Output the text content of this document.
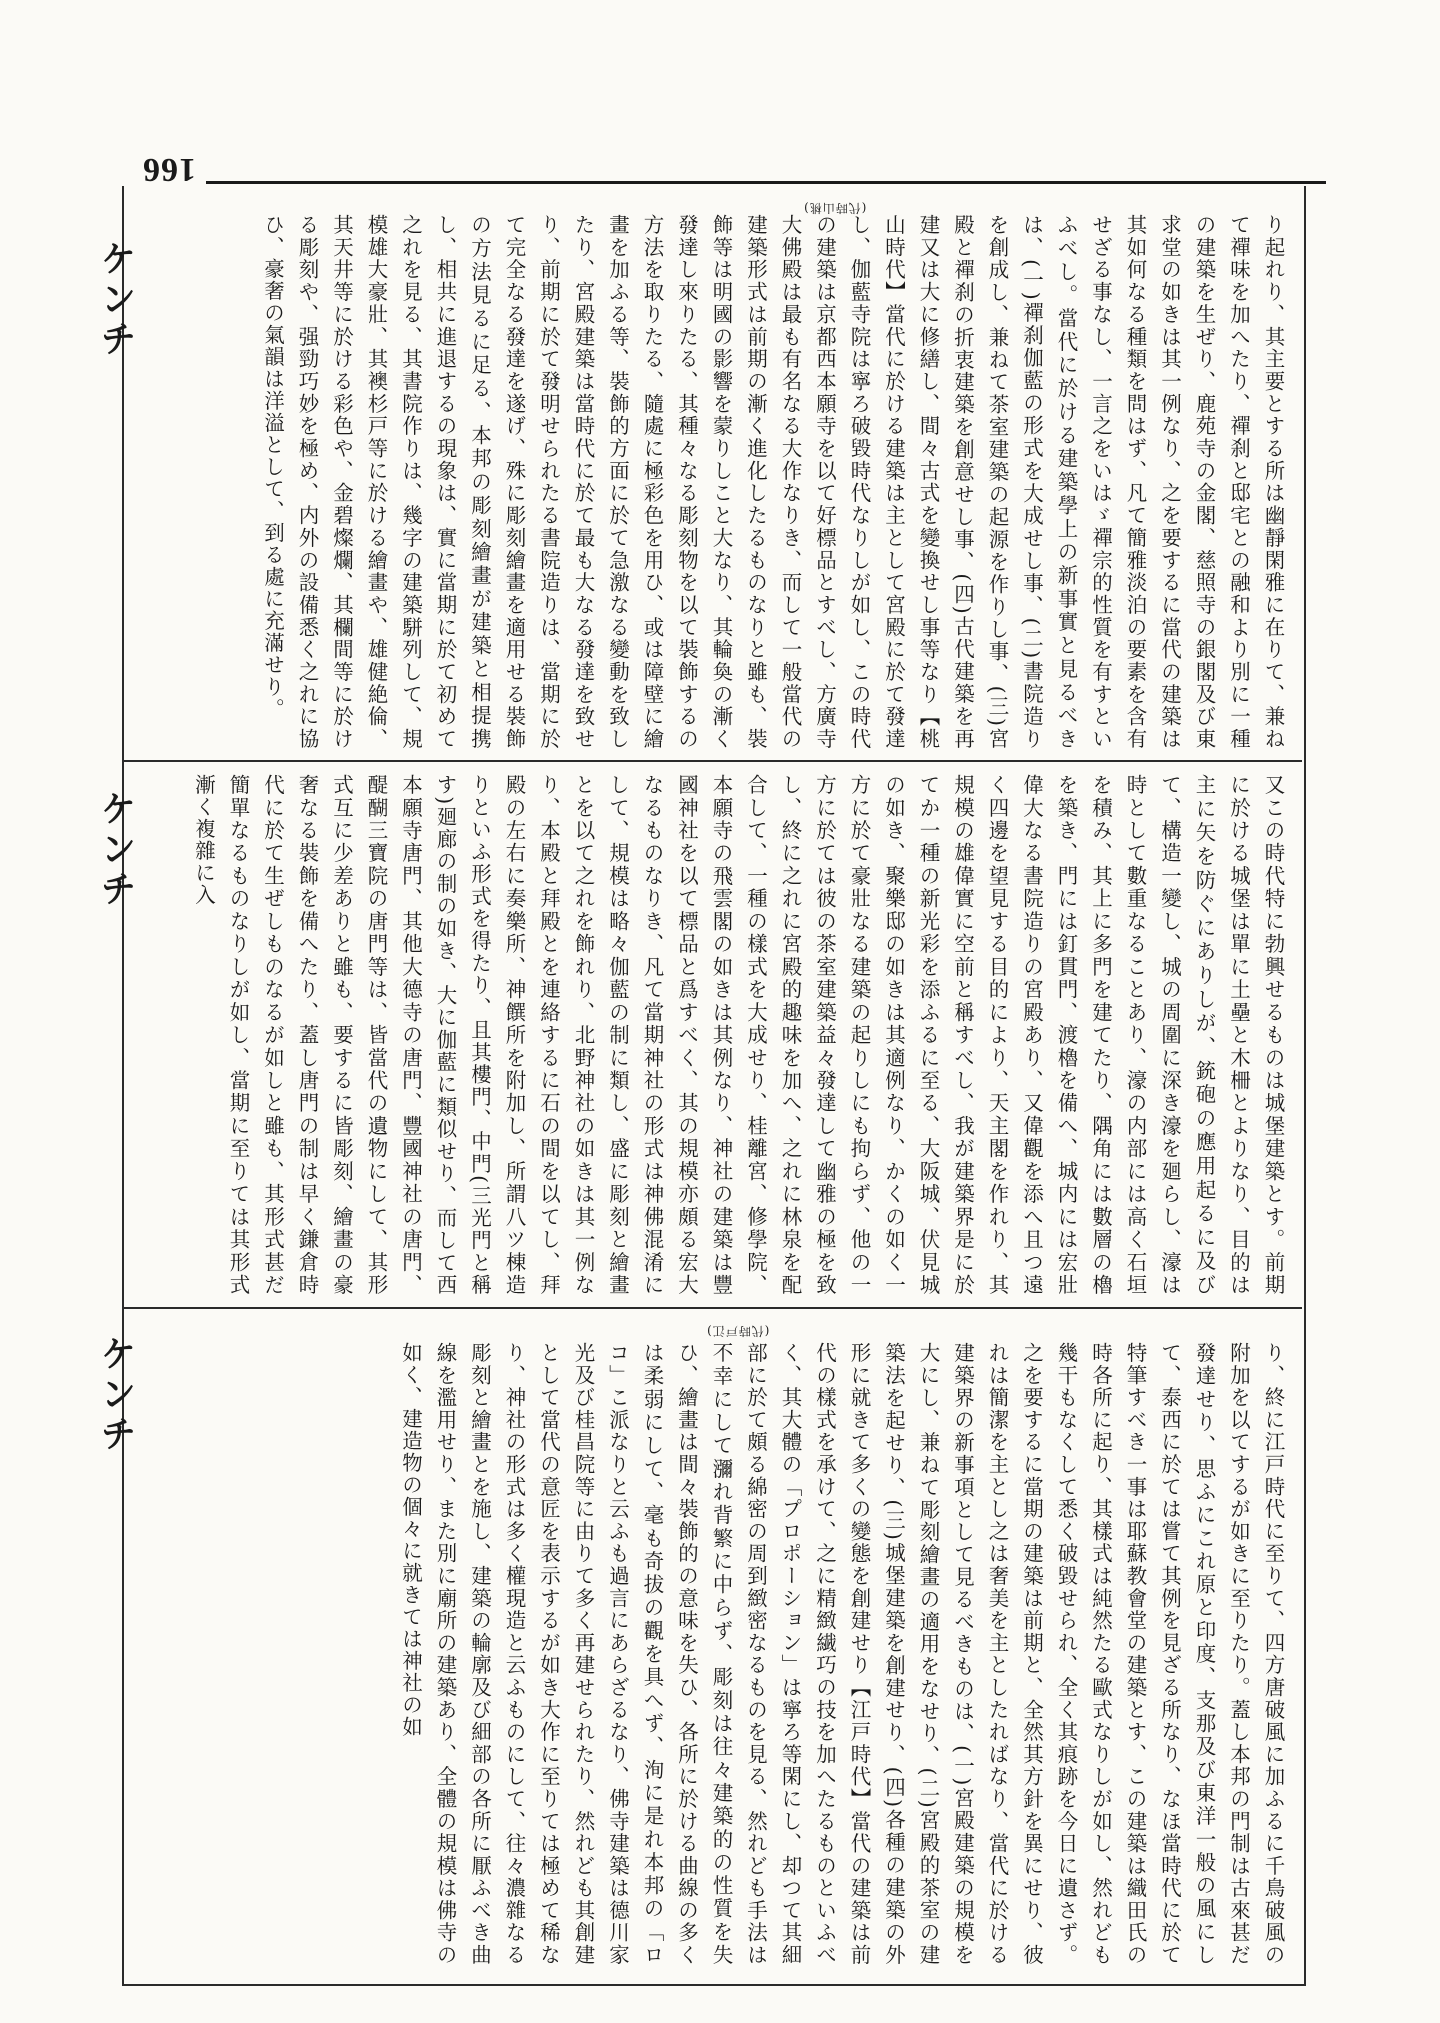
166
ケンチ
ケンチ
ケンチ
(代時山桃)
(代時戸江)

り起れり、其主要とする所は幽靜閑雅に在りて、兼ねて禪味を加へたり、禪刹と邸宅との融和より別に一種の建築を生ぜり、鹿苑寺の金閣、慈照寺の銀閣及び東求堂の如きは其一例なり、之を要するに當代の建築は其如何なる種類を問はず、凡て簡雅淡泊の要素を含有せざる事なし、一言之をいはゞ禪宗的性質を有すといふべし。當代に於ける建築學上の新事實と見るべきは、(一)禪刹伽藍の形式を大成せし事、(二)書院造りを創成し、兼ねて茶室建築の起源を作りし事、(三)宮殿と禪刹の折衷建築を創意せし事、(四)古代建築を再建又は大に修繕し、間々古式を變換せし事等なり【桃山時代】當代に於ける建築は主として宮殿に於て發達し、伽藍寺院は寧ろ破毀時代なりしが如し、この時代の建築は京都西本願寺を以て好標品とすべし、方廣寺大佛殿は最も有名なる大作なりき、而して一般當代の建築形式は前期の漸く進化したるものなりと雖も、裝飾等は明國の影響を蒙りしこと大なり、其輪奐の漸く發達し來りたる、其種々なる彫刻物を以て裝飾するの方法を取りたる、隨處に極彩色を用ひ、或は障壁に繪畫を加ふる等、裝飾的方面に於て急激なる變動を致したり、宮殿建築は當時代に於て最も大なる發達を致せり、前期に於て發明せられたる書院造りは、當期に於て完全なる發達を遂げ、殊に彫刻繪畫を適用せる裝飾の方法見るに足る、本邦の彫刻繪畫が建築と相提携し、相共に進退するの現象は、實に當期に於て初めて之れを見る、其書院作りは、幾字の建築駢列して、規模雄大豪壯、其襖杉戸等に於ける繪畫や、雄健絶倫、其天井等に於ける彩色や、金碧燦爛、其欄間等に於ける彫刻や、强勁巧妙を極め、内外の設備悉く之れに協ひ、豪奢の氣韻は洋溢として、到る處に充滿せり。

又この時代特に勃興せるものは城堡建築とす。前期に於ける城堡は單に土壘と木柵とよりなり、目的は主に矢を防ぐにありしが、銃砲の應用起るに及びて、構造一變し、城の周圍に深き濠を廻らし、濠は時として數重なることあり、濠の内部には高く石垣を積み、其上に多門を建てたり、隅角には數層の櫓を築き、門には釘貫門、渡櫓を備へ、城内には宏壯偉大なる書院造りの宮殿あり、又偉觀を添へ且つ遠く四邊を望見する目的により、天主閣を作れり、其規模の雄偉實に空前と稱すべし、我が建築界是に於てか一種の新光彩を添ふるに至る、大阪城、伏見城の如き、聚樂邸の如きは其適例なり、かくの如く一方に於て豪壯なる建築の起りしにも拘らず、他の一方に於ては彼の茶室建築益々發達して幽雅の極を致し、終に之れに宮殿的趣味を加へ、之れに林泉を配合して、一種の樣式を大成せり、桂離宮、修學院、本願寺の飛雲閣の如きは其例なり、神社の建築は豐國神社を以て標品と爲すべく、其の規模亦頗る宏大なるものなりき、凡て當期神社の形式は神佛混淆にして、規模は略々伽藍の制に類し、盛に彫刻と繪畫とを以て之れを飾れり、北野神社の如きは其一例なり、本殿と拜殿とを連絡するに石の間を以てし、拜殿の左右に奏樂所、神饌所を附加し、所謂八ツ棟造りといふ形式を得たり、且其樓門、中門(三光門と稱す)廻廊の制の如き、大に伽藍に類似せり、而して西本願寺唐門、其他大德寺の唐門、豐國神社の唐門、醍醐三寶院の唐門等は、皆當代の遺物にして、其形式互に少差ありと雖も、要するに皆彫刻、繪畫の豪奢なる裝飾を備へたり、蓋し唐門の制は早く鎌倉時代に於て生ぜしものなるが如しと雖も、其形式甚だ簡單なるものなりしが如し、當期に至りては其形式漸く複雜に入

り、終に江戸時代に至りて、四方唐破風に加ふるに千鳥破風の附加を以てするが如きに至りたり。蓋し本邦の門制は古來甚だ發達せり、思ふにこれ原と印度、支那及び東洋一般の風にして、泰西に於ては嘗て其例を見ざる所なり、なほ當時代に於て特筆すべき一事は耶蘇教會堂の建築とす、この建築は織田氏の時各所に起り、其樣式は純然たる歐式なりしが如し、然れども幾干もなくして悉く破毀せられ、全く其痕跡を今日に遺さず。之を要するに當期の建築は前期と、全然其方針を異にせり、彼れは簡潔を主とし之は奢美を主としたればなり、當代に於ける建築界の新事項として見るべきものは、(一)宮殿建築の規模を大にし、兼ねて彫刻繪畫の適用をなせり、(二)宮殿的茶室の建築法を起せり、(三)城堡建築を創建せり、(四)各種の建築の外形に就きて多くの變態を創建せり【江戸時代】當代の建築は前代の樣式を承けて、之に精緻繊巧の技を加へたるものといふべく、其大體の「プロポーション」は寧ろ等閑にし、却つて其細部に於て頗る綿密の周到緻密なるものを見る、然れども手法は不幸にして瀰れ背繁に中らず、彫刻は往々建築的の性質を失ひ、繪畫は間々裝飾的の意味を失ひ、各所に於ける曲線の多くは柔弱にして、毫も奇拔の觀を具へず、洵に是れ本邦の「ロコ」こ派なりと云ふも過言にあらざるなり、佛寺建築は德川家光及び桂昌院等に由りて多く再建せられたり、然れども其創建として當代の意匠を表示するが如き大作に至りては極めて稀なり、神社の形式は多く權現造と云ふものにして、往々濃雜なる彫刻と繪畫とを施し、建築の輪廓及び細部の各所に厭ふべき曲線を濫用せり、また別に廟所の建築あり、全體の規模は佛寺の如く、建造物の個々に就きては神社の如
